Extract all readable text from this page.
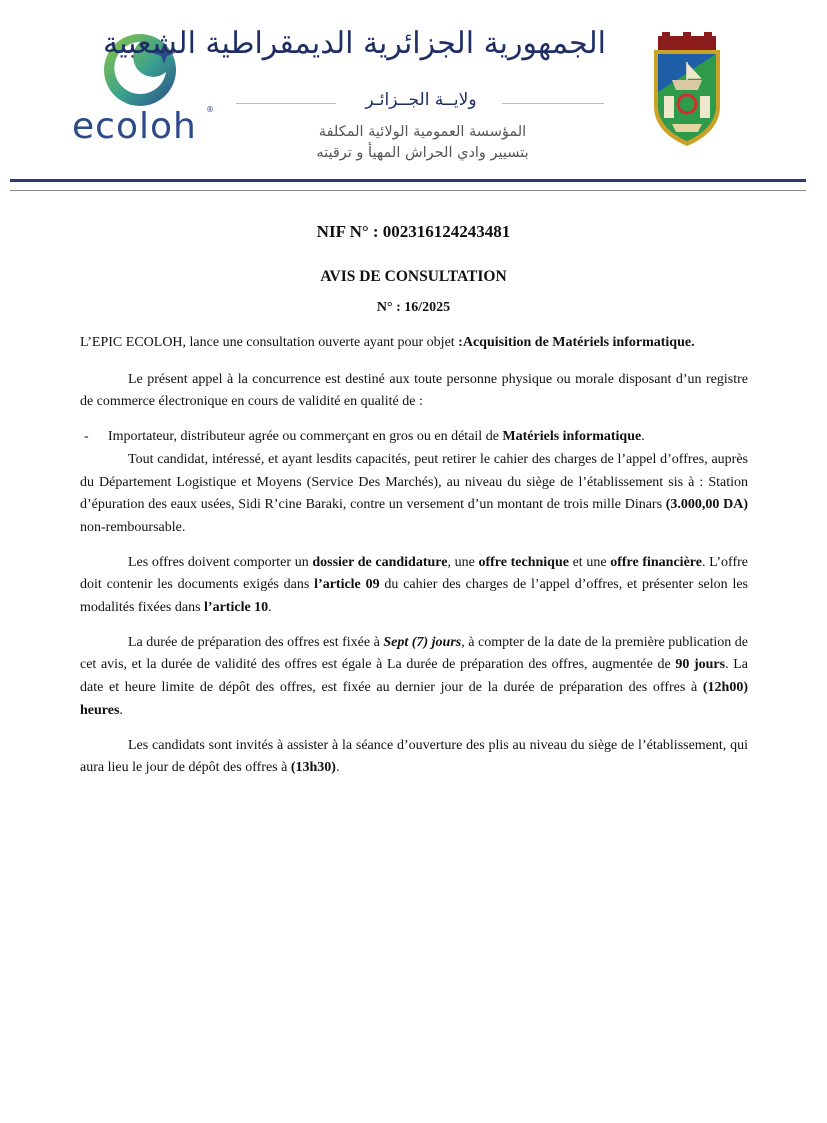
ecoloh ®
الجمهورية الجزائرية الديمقراطية الشعبية
ولايــة الجــزائـر
المؤسسة العمومية الولائية المكلفة
بتسيير وادي الحراش المهيأ و ترقيته
NIF N° : 002316124243481
AVIS DE CONSULTATION
N° : 16/2025

L’EPIC ECOLOH, lance une consultation ouverte ayant pour objet :Acquisition de Matériels informatique.

Le présent appel à la concurrence est destiné aux toute personne physique ou morale disposant d’un registre de commerce électronique en cours de validité en qualité de :

- Importateur, distributeur agrée ou commerçant en gros ou en détail de Matériels informatique.

Tout candidat, intéressé, et ayant lesdits capacités, peut retirer le cahier des charges de l’appel d’offres, auprès du Département Logistique et Moyens (Service Des Marchés), au niveau du siège de l’établissement sis à : Station d’épuration des eaux usées, Sidi R’cine Baraki, contre un versement d’un montant de trois mille Dinars (3.000,00 DA) non-remboursable.

Les offres doivent comporter un dossier de candidature, une offre technique et une offre financière. L’offre doit contenir les documents exigés dans l’article 09 du cahier des charges de l’appel d’offres, et présenter selon les modalités fixées dans l’article 10.

La durée de préparation des offres est fixée à Sept (7) jours, à compter de la date de la première publication de cet avis, et la durée de validité des offres est égale à La durée de préparation des offres, augmentée de 90 jours. La date et heure limite de dépôt des offres, est fixée au dernier jour de la durée de préparation des offres à (12h00) heures.

Les candidats sont invités à assister à la séance d’ouverture des plis au niveau du siège de l’établissement, qui aura lieu le jour de dépôt des offres à (13h30).
